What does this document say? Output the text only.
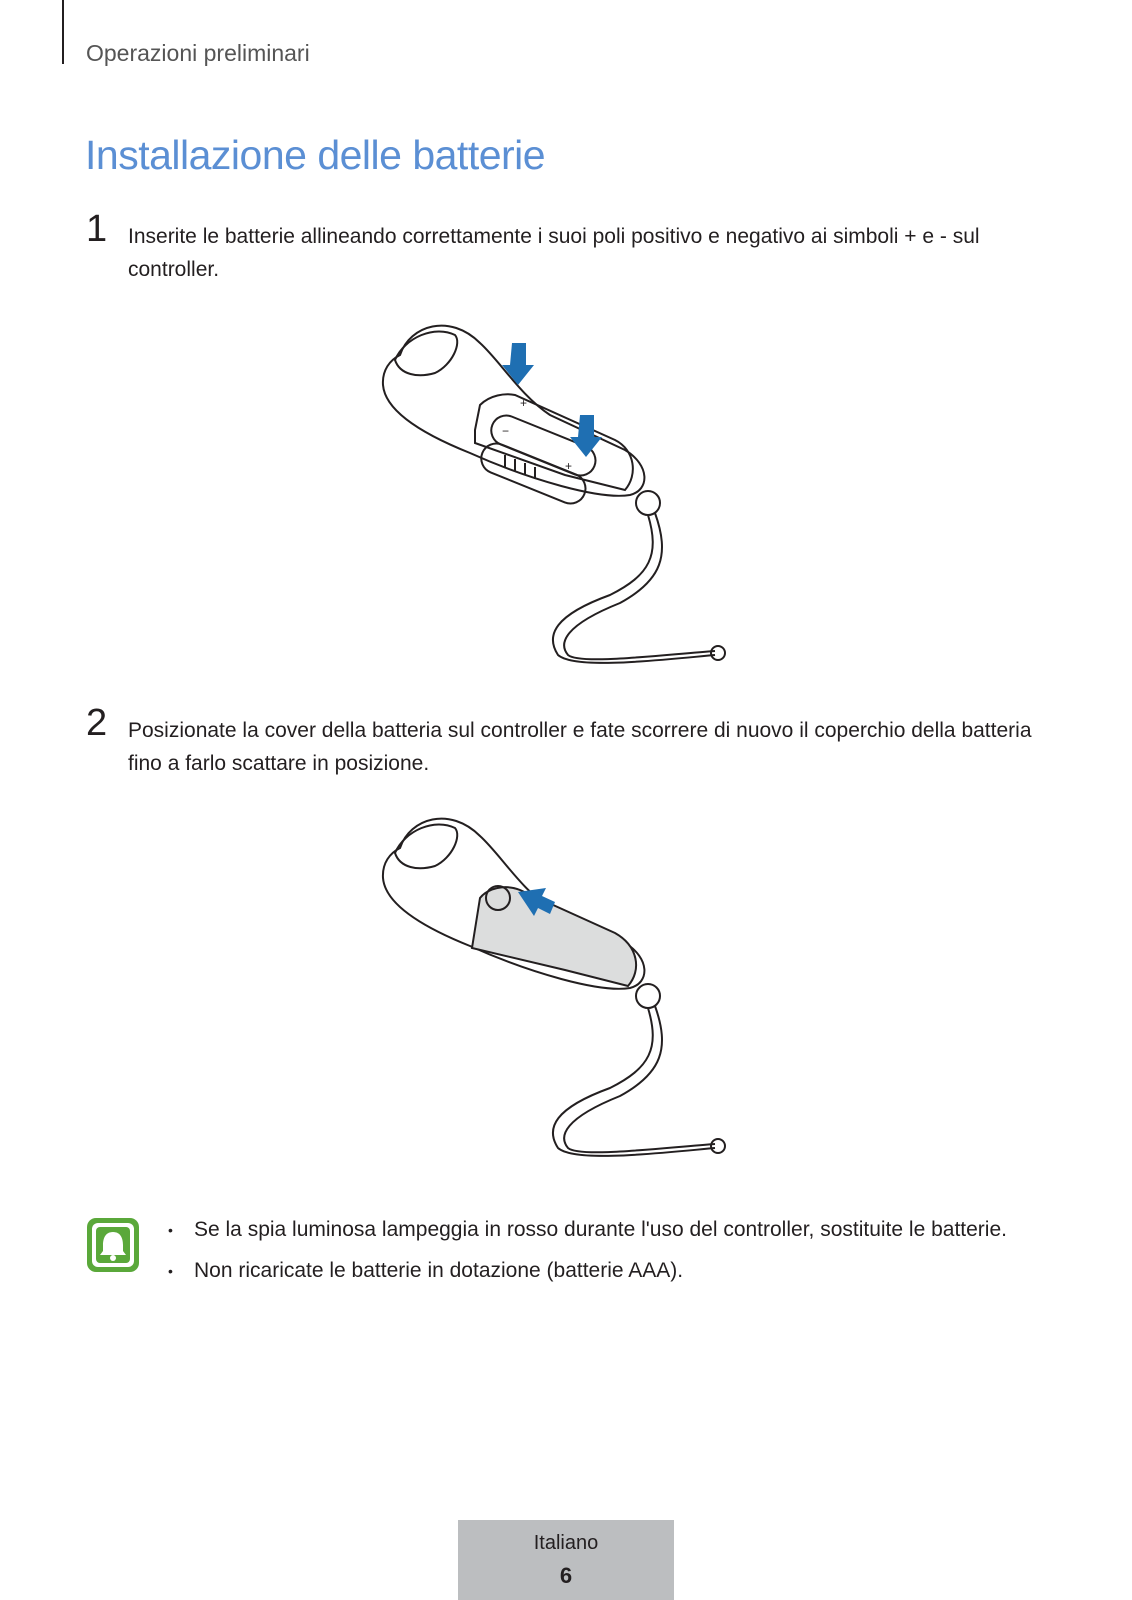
Operazioni preliminari
Installazione delle batterie
1 Inserite le batterie allineando correttamente i suoi poli positivo e negativo ai simboli + e - sul controller.
+
+
−
2 Posizionate la cover della batteria sul controller e fate scorrere di nuovo il coperchio della batteria fino a farlo scattare in posizione.
• Se la spia luminosa lampeggia in rosso durante l'uso del controller, sostituite le batterie.
• Non ricaricate le batterie in dotazione (batterie AAA).
Italiano
6
